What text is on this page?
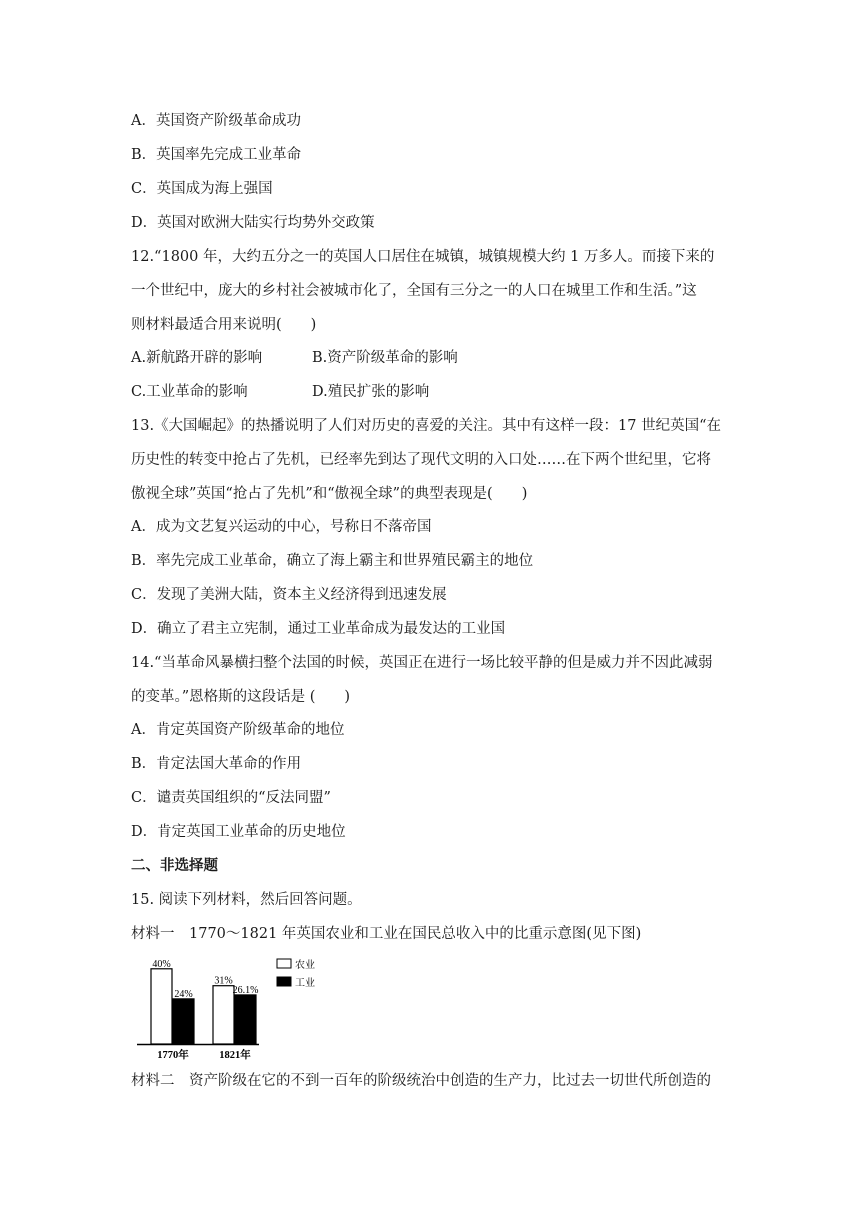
A．英国资产阶级革命成功
B．英国率先完成工业革命
C．英国成为海上强国
D．英国对欧洲大陆实行均势外交政策
12.“1800 年，大约五分之一的英国人口居住在城镇，城镇规模大约 1 万多人。而接下来的
一个世纪中，庞大的乡村社会被城市化了，全国有三分之一的人口在城里工作和生活。”这
则材料最适合用来说明(　　)
A.新航路开辟的影响	B.资产阶级革命的影响
C.工业革命的影响	D.殖民扩张的影响
13.《大国崛起》的热播说明了人们对历史的喜爱的关注。其中有这样一段：17 世纪英国“在
历史性的转变中抢占了先机，已经率先到达了现代文明的入口处……在下两个世纪里，它将
傲视全球”英国“抢占了先机”和“傲视全球”的典型表现是(　　)
A．成为文艺复兴运动的中心，号称日不落帝国
B．率先完成工业革命，确立了海上霸主和世界殖民霸主的地位
C．发现了美洲大陆，资本主义经济得到迅速发展
D．确立了君主立宪制，通过工业革命成为最发达的工业国
14.“当革命风暴横扫整个法国的时候，英国正在进行一场比较平静的但是威力并不因此减弱
的变革。”恩格斯的这段话是 (　　)
A．肯定英国资产阶级革命的地位
B．肯定法国大革命的作用
C．谴责英国组织的“反法同盟”
D．肯定英国工业革命的历史地位
二、非选择题
15. 阅读下列材料，然后回答问题。
材料一　1770～1821 年英国农业和工业在国民总收入中的比重示意图(见下图)
40%
24%
1770年
31%
26.1%
1821年
农业
工业
材料二　资产阶级在它的不到一百年的阶级统治中创造的生产力，比过去一切世代所创造的
